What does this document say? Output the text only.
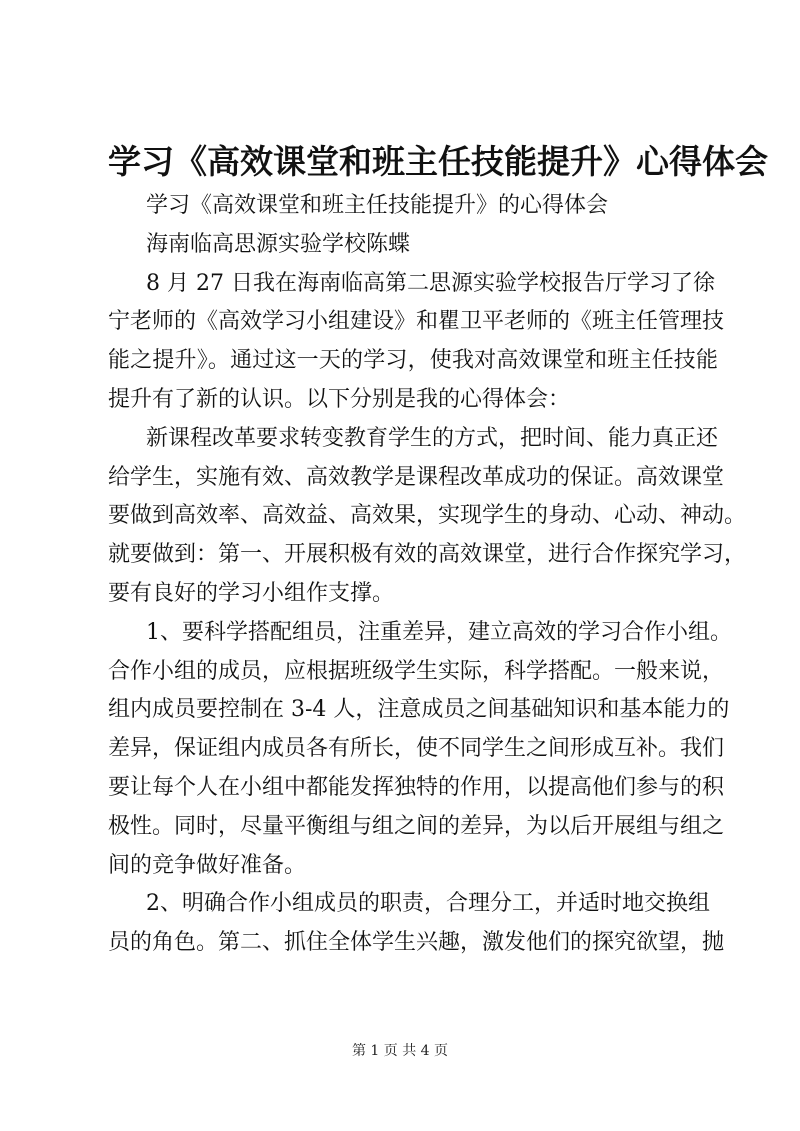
学习《高效课堂和班主任技能提升》心得体会
学习《高效课堂和班主任技能提升》的心得体会
海南临高思源实验学校陈蝶
8 月 27 日我在海南临高第二思源实验学校报告厅学习了徐
宁老师的《高效学习小组建设》和瞿卫平老师的《班主任管理技
能之提升》。通过这一天的学习，使我对高效课堂和班主任技能
提升有了新的认识。以下分别是我的心得体会：
新课程改革要求转变教育学生的方式，把时间、能力真正还
给学生，实施有效、高效教学是课程改革成功的保证。高效课堂
要做到高效率、高效益、高效果，实现学生的身动、心动、神动。
就要做到：第一、开展积极有效的高效课堂，进行合作探究学习，
要有良好的学习小组作支撑。
1、要科学搭配组员，注重差异，建立高效的学习合作小组。
合作小组的成员，应根据班级学生实际，科学搭配。一般来说，
组内成员要控制在 3-4 人，注意成员之间基础知识和基本能力的
差异，保证组内成员各有所长，使不同学生之间形成互补。我们
要让每个人在小组中都能发挥独特的作用，以提高他们参与的积
极性。同时，尽量平衡组与组之间的差异，为以后开展组与组之
间的竞争做好准备。
2、明确合作小组成员的职责，合理分工，并适时地交换组
员的角色。第二、抓住全体学生兴趣，激发他们的探究欲望，抛
第 1 页 共 4 页
